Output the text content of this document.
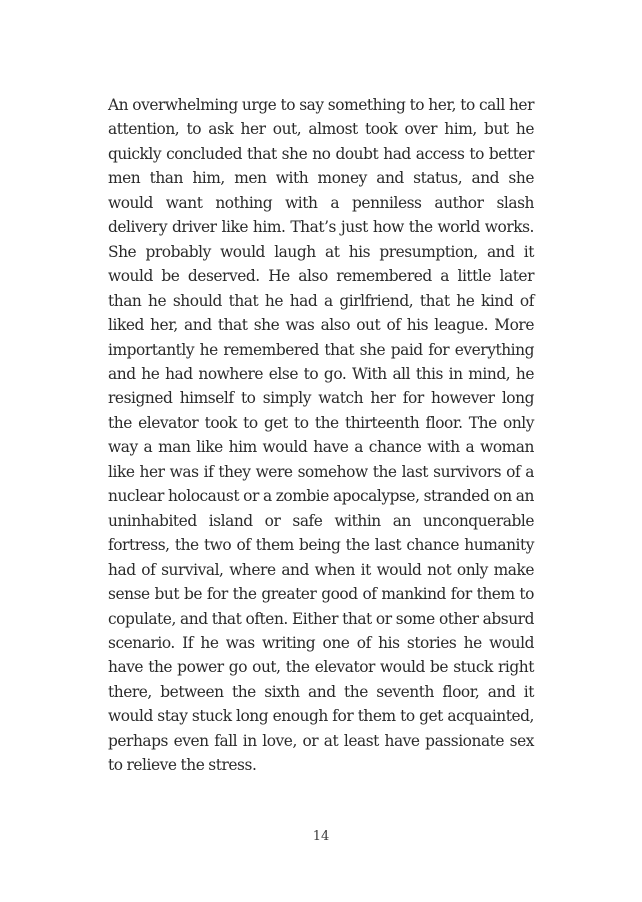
An overwhelming urge to say something to her, to call her attention, to ask her out, almost took over him, but he quickly concluded that she no doubt had access to better men than him, men with money and status, and she would want nothing with a penniless author slash delivery driver like him. That’s just how the world works. She probably would laugh at his presumption, and it would be deserved. He also remembered a little later than he should that he had a girlfriend, that he kind of liked her, and that she was also out of his league. More importantly he remembered that she paid for everything and he had nowhere else to go. With all this in mind, he resigned himself to simply watch her for however long the elevator took to get to the thirteenth floor. The only way a man like him would have a chance with a woman like her was if they were somehow the last survivors of a nuclear holocaust or a zombie apocalypse, stranded on an uninhabited island or safe within an unconquerable fortress, the two of them being the last chance humanity had of survival, where and when it would not only make sense but be for the greater good of mankind for them to copulate, and that often. Either that or some other absurd scenario. If he was writing one of his stories he would have the power go out, the elevator would be stuck right there, between the sixth and the seventh floor, and it would stay stuck long enough for them to get acquainted, perhaps even fall in love, or at least have passionate sex to relieve the stress.

14
